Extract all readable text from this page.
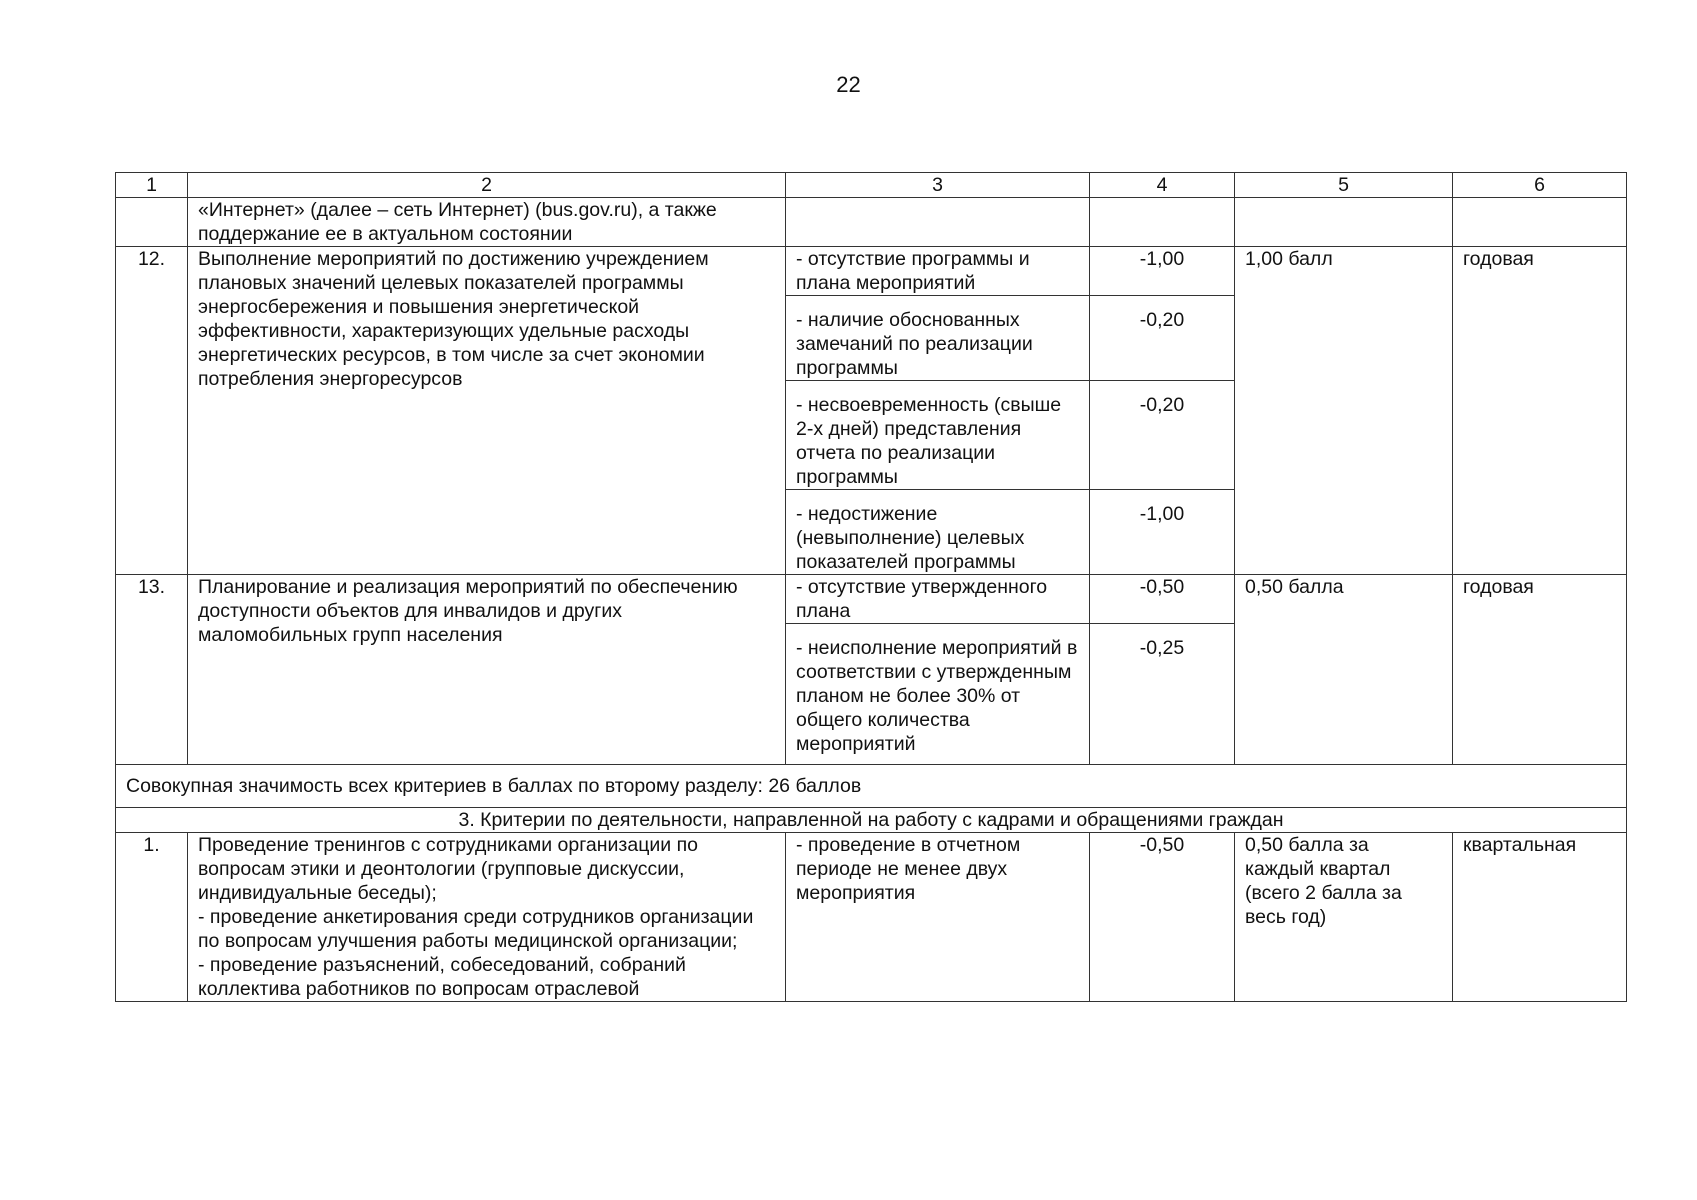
22
1	2	3	4	5	6
	«Интернет» (далее – сеть Интернет) (bus.gov.ru), а также поддержание ее в актуальном состоянии				
12.	Выполнение мероприятий по достижению учреждением плановых значений целевых показателей программы энергосбережения и повышения энергетической эффективности, характеризующих удельные расходы энергетических ресурсов, в том числе за счет экономии потребления энергоресурсов	- отсутствие программы и плана мероприятий	-1,00	1,00 балл	годовая
		- наличие обоснованных замечаний по реализации программы	-0,20		
		- несвоевременность (свыше 2-х дней) представления отчета по реализации программы	-0,20		
		- недостижение (невыполнение) целевых показателей программы	-1,00		
13.	Планирование и реализация мероприятий по обеспечению доступности объектов для инвалидов и других маломобильных групп населения	- отсутствие утвержденного плана	-0,50	0,50 балла	годовая
		- неисполнение мероприятий в соответствии с утвержденным планом не более 30% от общего количества мероприятий	-0,25		
Совокупная значимость всех критериев в баллах по второму разделу: 26 баллов					
3. Критерии по деятельности, направленной на работу с кадрами и обращениями граждан					
1.	Проведение тренингов с сотрудниками организации по вопросам этики и деонтологии (групповые дискуссии, индивидуальные беседы);
- проведение анкетирования среди сотрудников организации по вопросам улучшения работы медицинской организации;
- проведение разъяснений, собеседований, собраний коллектива работников по вопросам отраслевой	- проведение в отчетном периоде не менее двух мероприятия	-0,50	0,50 балла за каждый квартал (всего 2 балла за весь год)	квартальная
